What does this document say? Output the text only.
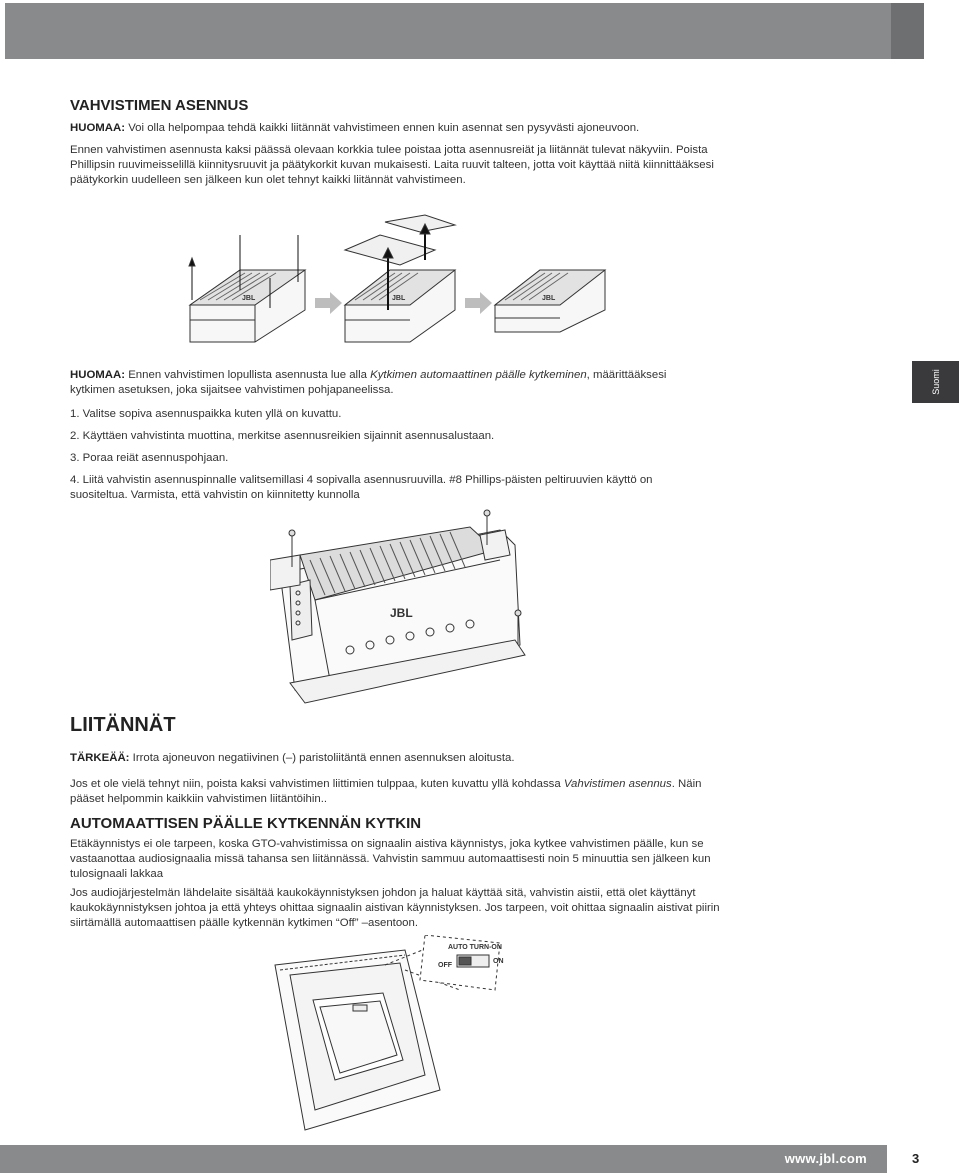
VAHVISTIMEN ASENNUS

HUOMAA: Voi olla helpompaa tehdä kaikki liitännät vahvistimeen ennen kuin asennat sen pysyvästi ajoneuvoon.

Ennen vahvistimen asennusta kaksi päässä olevaan korkkia tulee poistaa jotta asennusreiät ja liitännät tulevat näkyviin. Poista Phillipsin ruuvimeisselillä kiinnitysruuvit ja päätykorkit kuvan mukaisesti. Laita ruuvit talteen, jotta voit käyttää niitä kiinnittääksesi päätykorkin uudelleen sen jälkeen kun olet tehnyt kaikki liitännät vahvistimeen.

JBL	JBL	JBL

HUOMAA: Ennen vahvistimen lopullista asennusta lue alla Kytkimen automaattinen päälle kytkeminen, määrittääksesi kytkimen asetuksen, joka sijaitsee vahvistimen pohjapaneelissa.

1. Valitse sopiva asennuspaikka kuten yllä on kuvattu.

2. Käyttäen vahvistinta muottina, merkitse asennusreikien sijainnit asennusalustaan.

3. Poraa reiät asennuspohjaan.

4. Liitä vahvistin asennuspinnalle valitsemillasi 4 sopivalla asennusruuvilla. #8 Phillips-päisten peltiruuvien käyttö on suositeltua. Varmista, että vahvistin on kiinnitetty kunnolla

JBL
LIITÄNNÄT

TÄRKEÄÄ: Irrota ajoneuvon negatiivinen (–) paristoliitäntä ennen asennuksen aloitusta.

Jos et ole vielä tehnyt niin, poista kaksi vahvistimen liittimien tulppaa, kuten kuvattu yllä kohdassa Vahvistimen asennus. Näin pääset helpommin kaikkiin vahvistimen liitäntöihin..

AUTOMAATTISEN PÄÄLLE KYTKENNÄN KYTKIN

Etäkäynnistys ei ole tarpeen, koska GTO-vahvistimissa on signaalin aistiva käynnistys, joka kytkee vahvistimen päälle, kun se vastaanottaa audiosignaalia missä tahansa sen liitännässä. Vahvistin sammuu automaattisesti noin 5 minuuttia sen jälkeen kun tulosignaali lakkaa

Jos audiojärjestelmän lähdelaite sisältää kaukokäynnistyksen johdon ja haluat käyttää sitä, vahvistin aistii, että olet käyttänyt kaukokäynnistyksen johtoa ja että yhteys ohittaa signaalin aistivan käynnistyksen. Jos tarpeen, voit ohittaa signaalin aistivat piirin siirtämällä automaattisen päälle kytkennän kytkimen “Off” –asentoon.

AUTO TURN-ON
OFF
ON
Suomi
www.jbl.com	3
